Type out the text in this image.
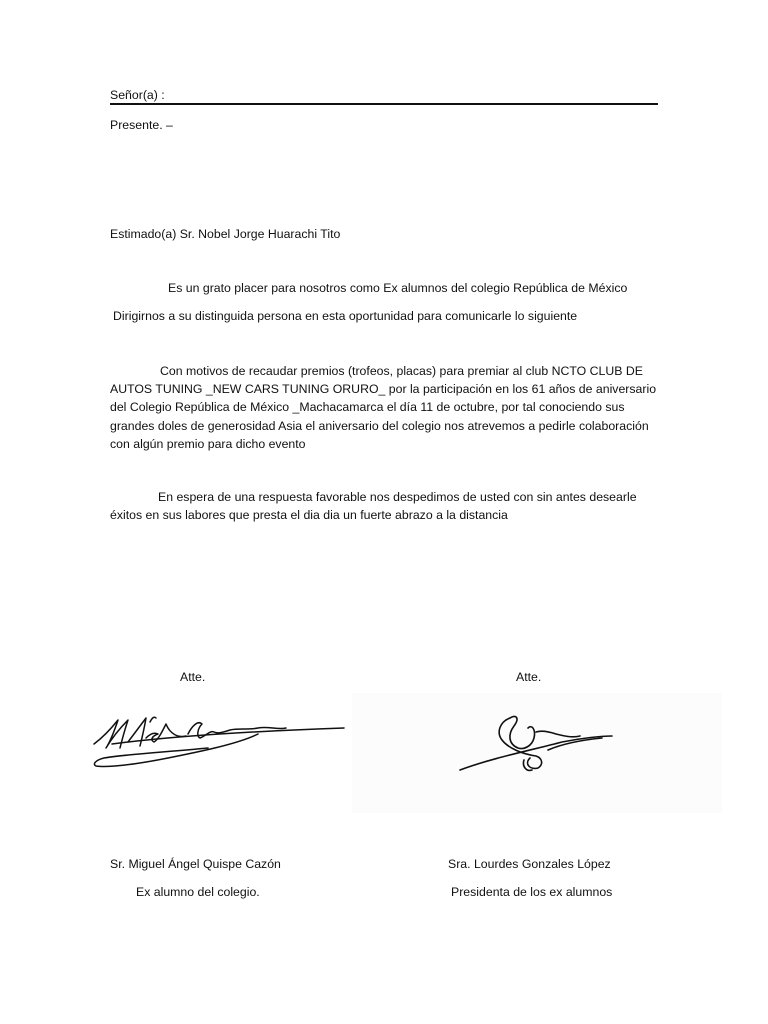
Señor(a) :
Presente. –
Estimado(a) Sr. Nobel Jorge Huarachi Tito
Es un grato placer para nosotros como Ex alumnos del colegio República de México
Dirigirnos a su distinguida persona en esta oportunidad para comunicarle lo siguiente
Con motivos de recaudar premios (trofeos, placas) para premiar al club NCTO CLUB DE AUTOS TUNING _NEW CARS TUNING ORURO_ por la participación en los 61 años de aniversario del Colegio República de México _Machacamarca el día 11 de octubre, por tal conociendo sus grandes doles de generosidad Asia el aniversario del colegio nos atrevemos a pedirle colaboración con algún premio para dicho evento
En espera de una respuesta favorable nos despedimos de usted con sin antes desearle éxitos en sus labores que presta el dia dia un fuerte abrazo a la distancia
Atte.
Sr. Miguel Ángel Quispe Cazón
Ex alumno del colegio.
Atte.
Sra. Lourdes Gonzales López
Presidenta de los ex alumnos
